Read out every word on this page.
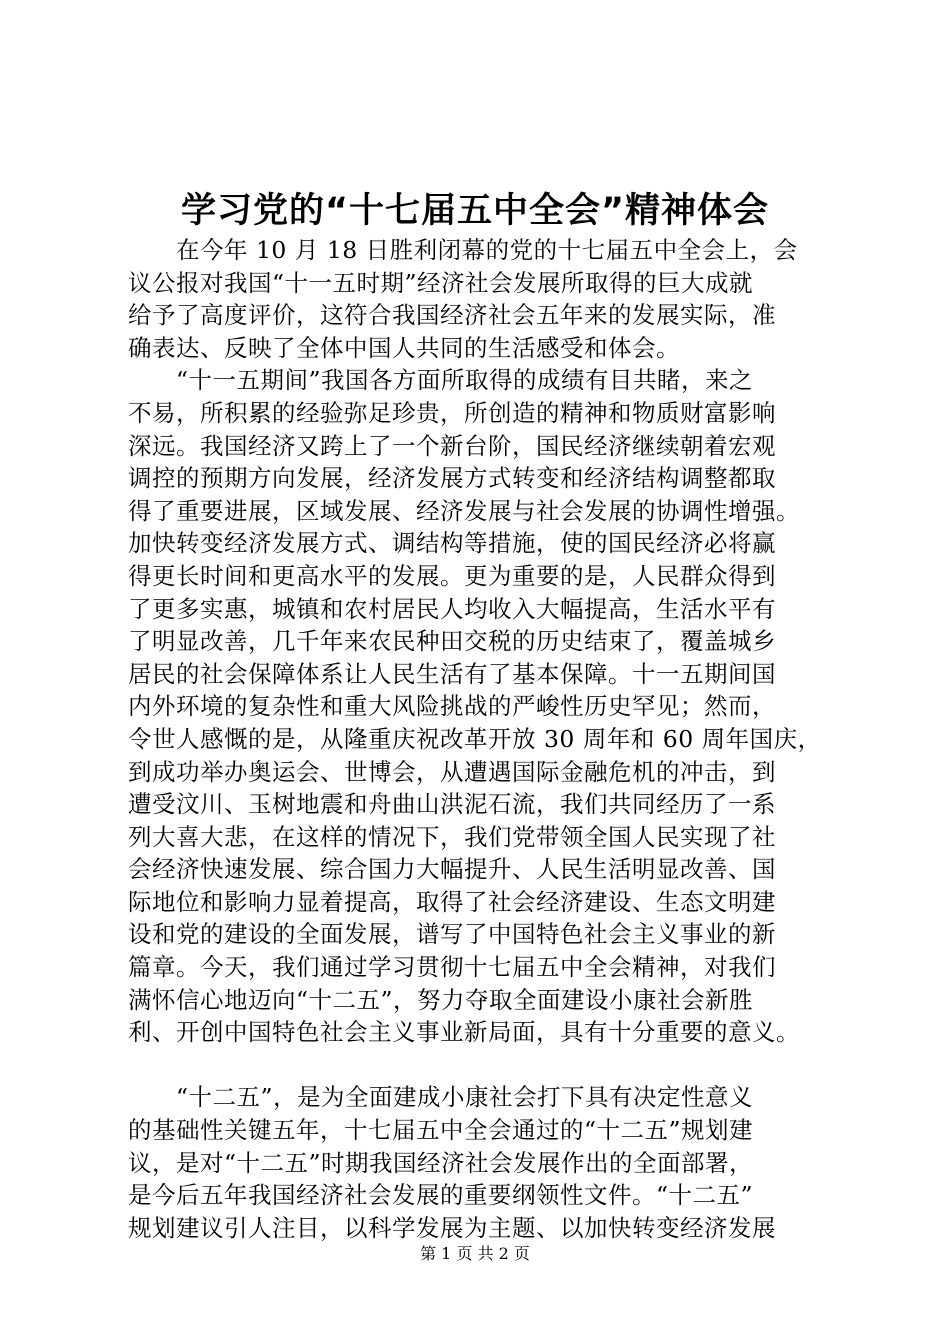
学习党的“十七届五中全会”精神体会
在今年 10 月 18 日胜利闭幕的党的十七届五中全会上，会
议公报对我国“十一五时期”经济社会发展所取得的巨大成就
给予了高度评价，这符合我国经济社会五年来的发展实际，准
确表达、反映了全体中国人共同的生活感受和体会。
“十一五期间”我国各方面所取得的成绩有目共睹，来之
不易，所积累的经验弥足珍贵，所创造的精神和物质财富影响
深远。我国经济又跨上了一个新台阶，国民经济继续朝着宏观
调控的预期方向发展，经济发展方式转变和经济结构调整都取
得了重要进展，区域发展、经济发展与社会发展的协调性增强。
加快转变经济发展方式、调结构等措施，使的国民经济必将赢
得更长时间和更高水平的发展。更为重要的是，人民群众得到
了更多实惠，城镇和农村居民人均收入大幅提高，生活水平有
了明显改善，几千年来农民种田交税的历史结束了，覆盖城乡
居民的社会保障体系让人民生活有了基本保障。十一五期间国
内外环境的复杂性和重大风险挑战的严峻性历史罕见；然而，
令世人感慨的是，从隆重庆祝改革开放 30 周年和 60 周年国庆，
到成功举办奥运会、世博会，从遭遇国际金融危机的冲击，到
遭受汶川、玉树地震和舟曲山洪泥石流，我们共同经历了一系
列大喜大悲，在这样的情况下，我们党带领全国人民实现了社
会经济快速发展、综合国力大幅提升、人民生活明显改善、国
际地位和影响力显着提高，取得了社会经济建设、生态文明建
设和党的建设的全面发展，谱写了中国特色社会主义事业的新
篇章。今天，我们通过学习贯彻十七届五中全会精神，对我们
满怀信心地迈向“十二五”，努力夺取全面建设小康社会新胜
利、开创中国特色社会主义事业新局面，具有十分重要的意义。
“十二五”，是为全面建成小康社会打下具有决定性意义
的基础性关键五年，十七届五中全会通过的“十二五”规划建
议，是对“十二五”时期我国经济社会发展作出的全面部署，
是今后五年我国经济社会发展的重要纲领性文件。“十二五”
规划建议引人注目，以科学发展为主题、以加快转变经济发展
第 1 页 共 2 页
